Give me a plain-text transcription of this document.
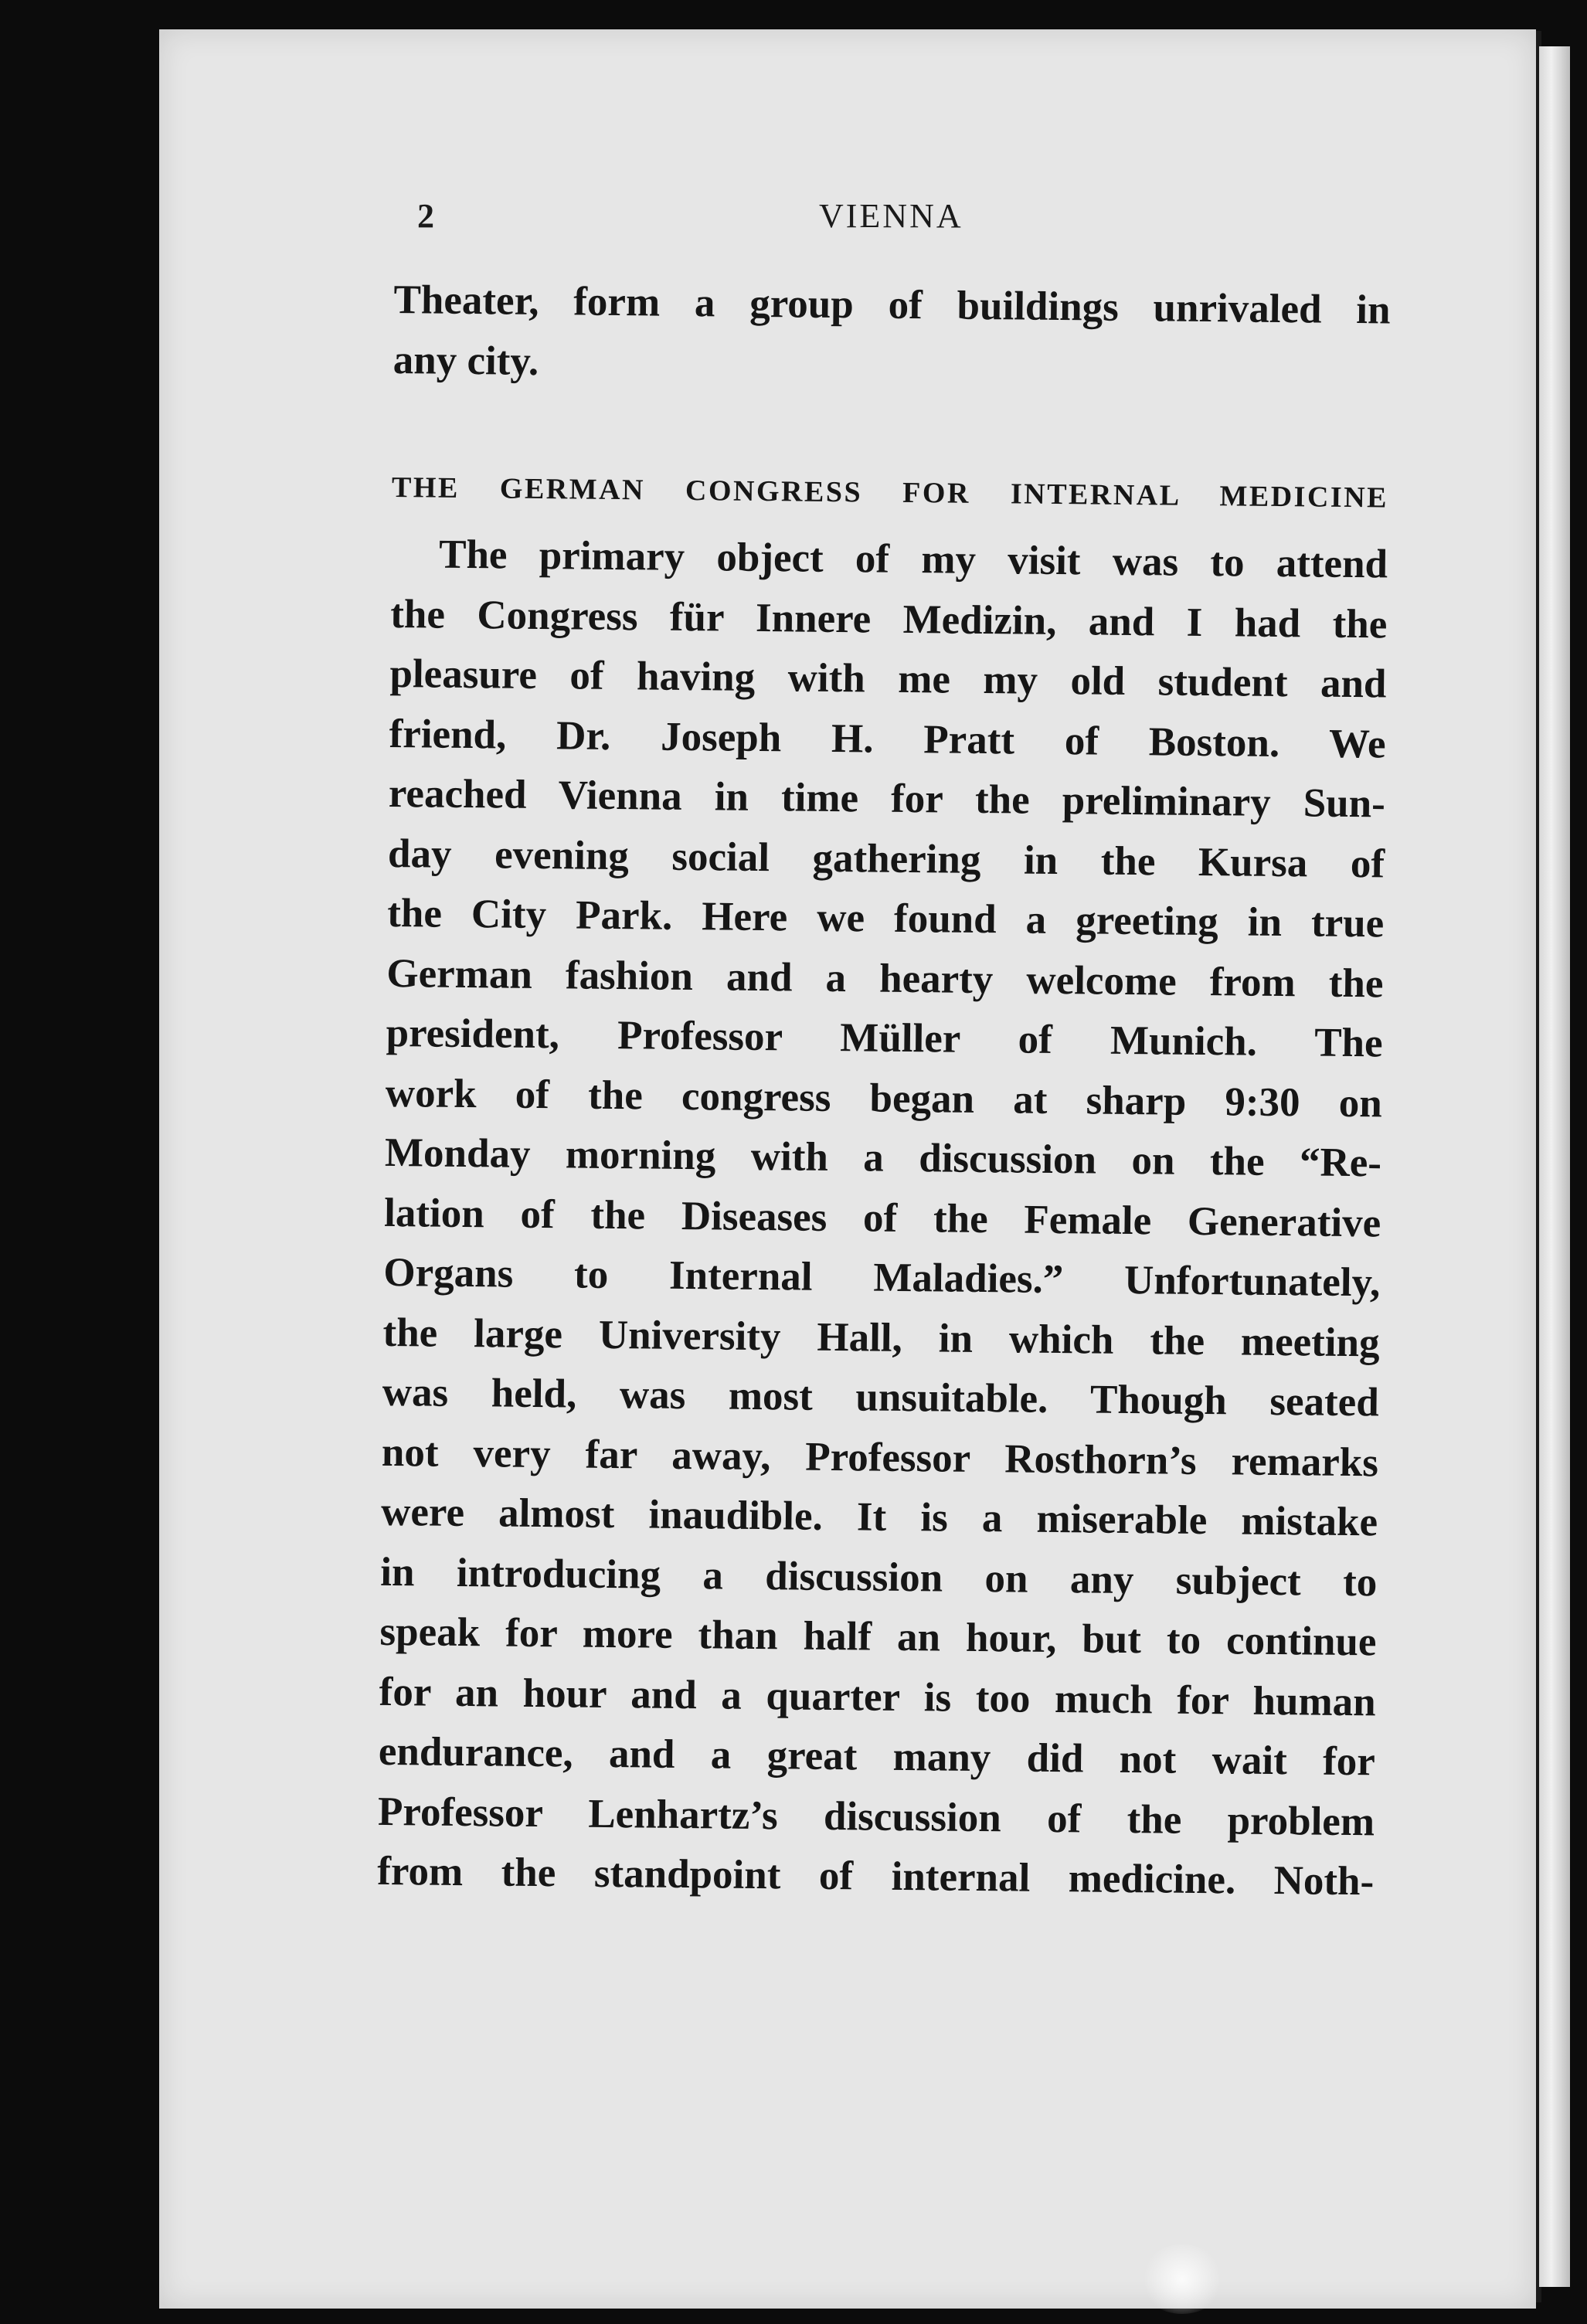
2	VIENNA
Theater, form a group of buildings unrivaled in
any city.
THE GERMAN CONGRESS FOR INTERNAL MEDICINE
The primary object of my visit was to attend
the Congress für Innere Medizin, and I had the
pleasure of having with me my old student and
friend, Dr. Joseph H. Pratt of Boston. We
reached Vienna in time for the preliminary Sun-
day evening social gathering in the Kursa of
the City Park. Here we found a greeting in true
German fashion and a hearty welcome from the
president, Professor Müller of Munich. The
work of the congress began at sharp 9:30 on
Monday morning with a discussion on the “Re-
lation of the Diseases of the Female Generative
Organs to Internal Maladies.” Unfortunately,
the large University Hall, in which the meeting
was held, was most unsuitable. Though seated
not very far away, Professor Rosthorn’s remarks
were almost inaudible. It is a miserable mistake
in introducing a discussion on any subject to
speak for more than half an hour, but to continue
for an hour and a quarter is too much for human
endurance, and a great many did not wait for
Professor Lenhartz’s discussion of the problem
from the standpoint of internal medicine. Noth-
